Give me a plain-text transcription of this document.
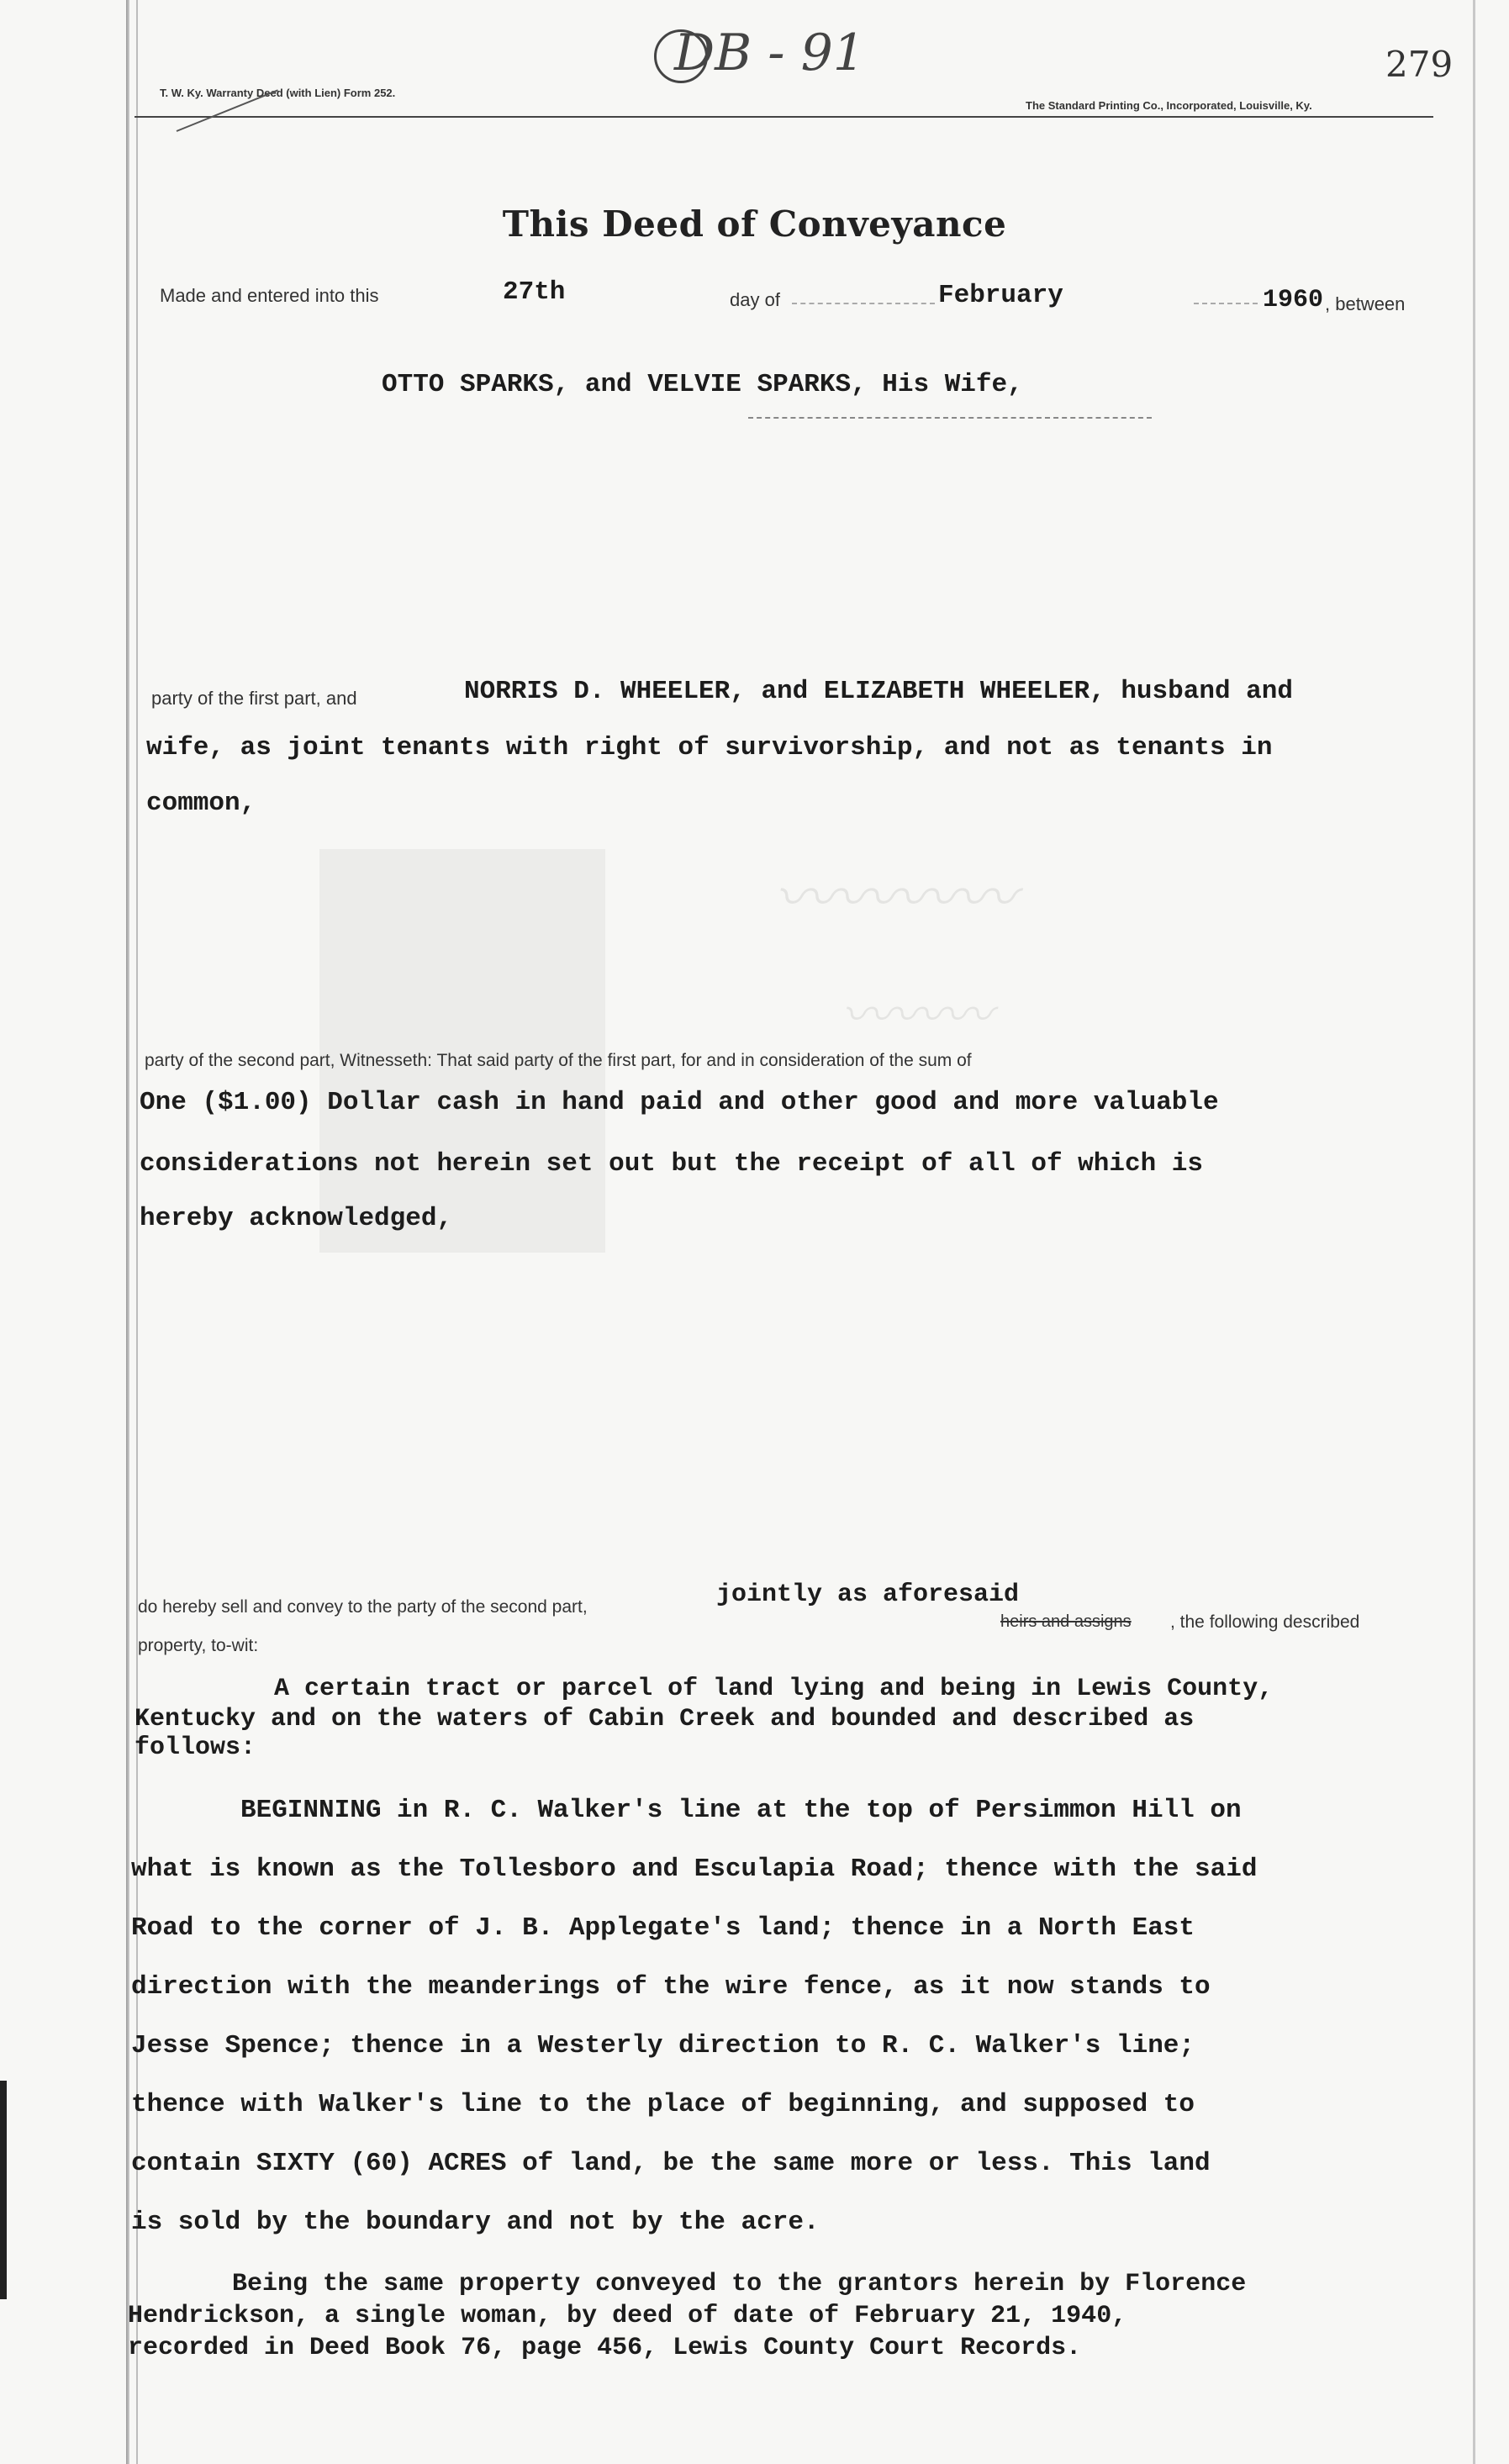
〰〰〰〰
〰〰〰
T. W. Ky. Warranty Deed (with Lien) Form 252.
The Standard Printing Co., Incorporated, Louisville, Ky.
DB - 91	279
This Deed of Conveyance
Made and entered into this	27th	day of	February	1960 , between
OTTO SPARKS, and VELVIE SPARKS, His Wife,
party of the first part, and	NORRIS D. WHEELER, and ELIZABETH WHEELER, husband and
wife, as joint tenants with right of survivorship, and not as tenants in
common,
party of the second part, Witnesseth: That said party of the first part, for and in consideration of the sum of
One ($1.00) Dollar cash in hand paid and other good and more valuable
considerations not herein set out but the receipt of all of which is
hereby acknowledged,
do hereby sell and convey to the party of the second part,	jointly as aforesaid
heirs and assigns , the following described
property, to-wit:
A certain tract or parcel of land lying and being in Lewis County,
Kentucky and on the waters of Cabin Creek and bounded and described as
follows:
BEGINNING in R. C. Walker's line at the top of Persimmon Hill on
what is known as the Tollesboro and Esculapia Road; thence with the said
Road to the corner of J. B. Applegate's land; thence in a North East
direction with the meanderings of the wire fence, as it now stands to
Jesse Spence; thence in a Westerly direction to R. C. Walker's line;
thence with Walker's line to the place of beginning, and supposed to
contain SIXTY (60) ACRES of land, be the same more or less. This land
is sold by the boundary and not by the acre.
Being the same property conveyed to the grantors herein by Florence
Hendrickson, a single woman, by deed of date of February 21, 1940,
recorded in Deed Book 76, page 456, Lewis County Court Records.
